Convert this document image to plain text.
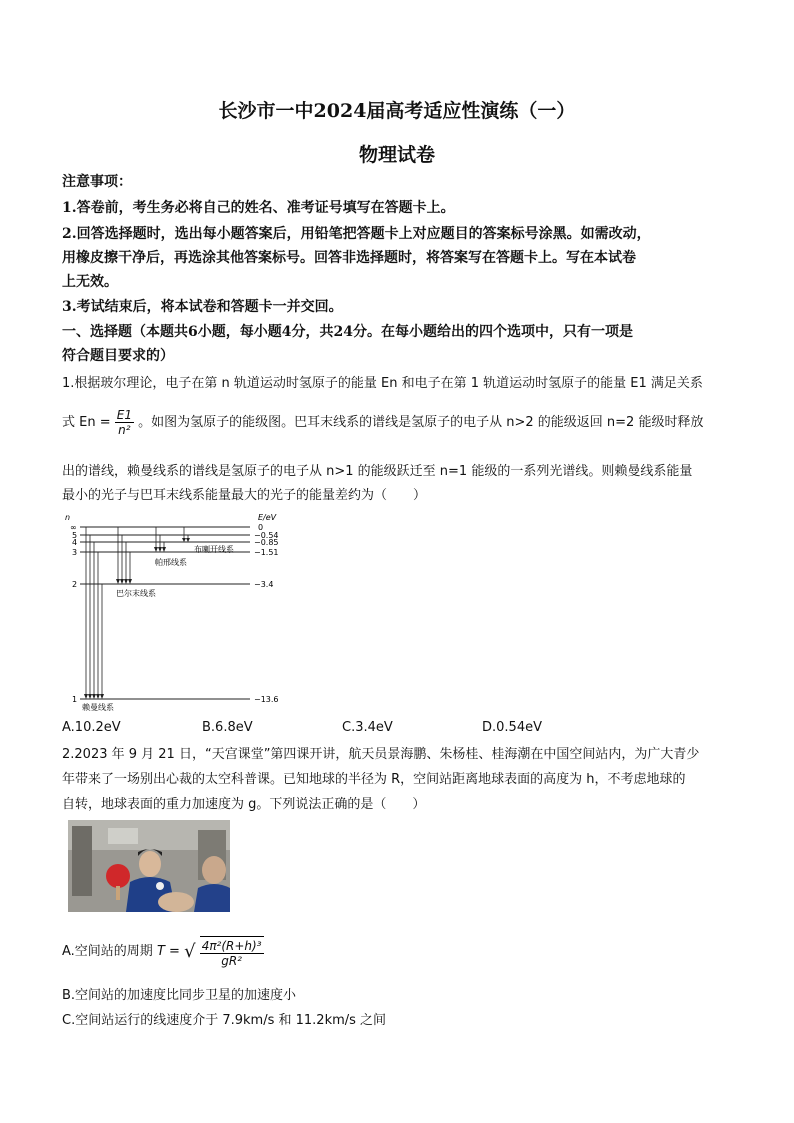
长沙市一中2024届高考适应性演练（一）
物理试卷
注意事项：
1.答卷前，考生务必将自己的姓名、准考证号填写在答题卡上。
2.回答选择题时，选出每小题答案后，用铅笔把答题卡上对应题目的答案标号涂黑。如需改动，
用橡皮擦干净后，再选涂其他答案标号。回答非选择题时，将答案写在答题卡上。写在本试卷
上无效。
3.考试结束后，将本试卷和答题卡一并交回。
一、选择题（本题共6小题，每小题4分，共24分。在每小题给出的四个选项中，只有一项是
符合题目要求的）
1.根据玻尔理论，电子在第 n 轨道运动时氢原子的能量 En 和电子在第 1 轨道运动时氢原子的能量 E1 满足关系
式 $En = \frac{E1}{\text{n²}}$ 。如图为氢原子的能级图。巴耳末线系的谱线是氢原子的电子从 n>2 的能级返回 n=2 能级时释放
出的谱线，赖曼线系的谱线是氢原子的电子从 n>1 的能级跃迁至 n=1 能级的一系列光谱线。则赖曼线系能量
最小的光子与巴耳末线系能量最大的光子的能量差约为（　　）
n	E/eV
∞
5
4
3
2
1
0
−0.54
−0.85
−1.51
−3.4
−13.6
布喇开线系
帕邢线系
巴尔末线系
赖曼线系
A.10.2eV	B.6.8eV	C.3.4eV	D.0.54eV
2.2023 年 9 月 21 日，“天宫课堂”第四课开讲，航天员景海鹏、朱杨桂、桂海潮在中国空间站内，为广大青少
年带来了一场别出心裁的太空科普课。已知地球的半径为 R，空间站距离地球表面的高度为 h，不考虑地球的
自转，地球表面的重力加速度为 g。下列说法正确的是（　　）
A.空间站的周期 T = √ $\frac{\text{4π²(R+h)³}}{\text{gR²}}$
B.空间站的加速度比同步卫星的加速度小
C.空间站运行的线速度介于 7.9km/s 和 11.2km/s 之间
